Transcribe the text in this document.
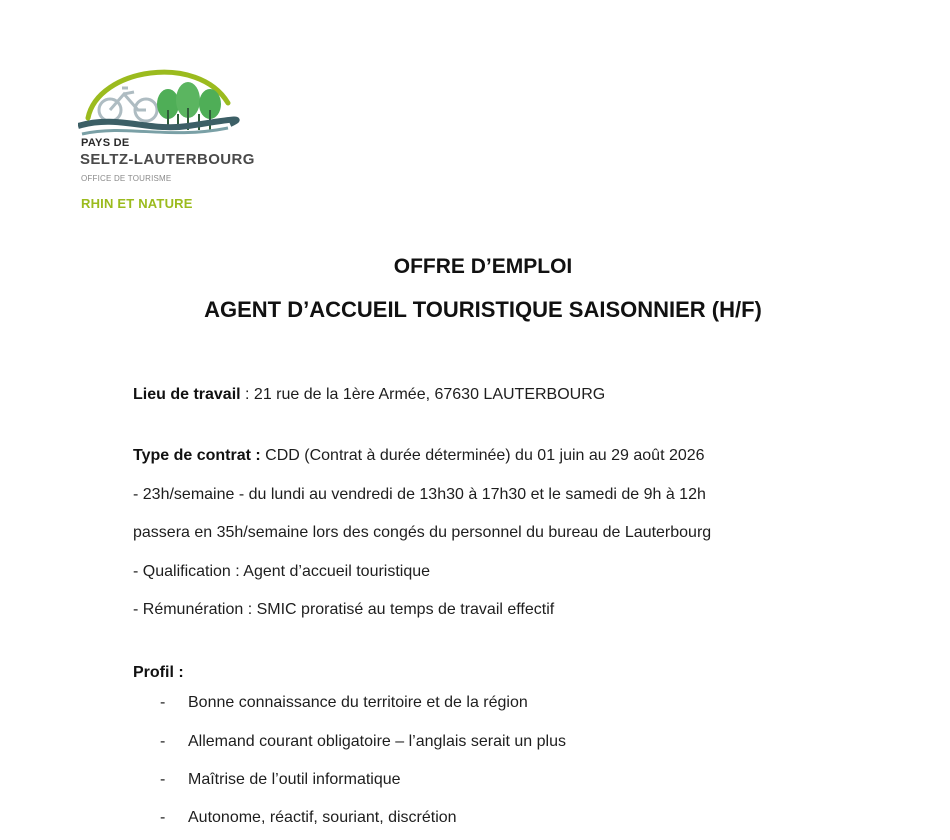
PAYS DE
SELTZ-LAUTERBOURG
OFFICE DE TOURISME
RHIN ET NATURE
OFFRE D’EMPLOI
AGENT D’ACCUEIL TOURISTIQUE SAISONNIER (H/F)
Lieu de travail : 21 rue de la 1ère Armée, 67630 LAUTERBOURG
Type de contrat : CDD (Contrat à durée déterminée) du 01 juin au 29 août 2026
- 23h/semaine - du lundi au vendredi de 13h30 à 17h30 et le samedi de 9h à 12h
passera en 35h/semaine lors des congés du personnel du bureau de Lauterbourg
- Qualification : Agent d’accueil touristique
- Rémunération : SMIC proratisé au temps de travail effectif
Profil :
- Bonne connaissance du territoire et de la région
- Allemand courant obligatoire – l’anglais serait un plus
- Maîtrise de l’outil informatique
- Autonome, réactif, souriant, discrétion
